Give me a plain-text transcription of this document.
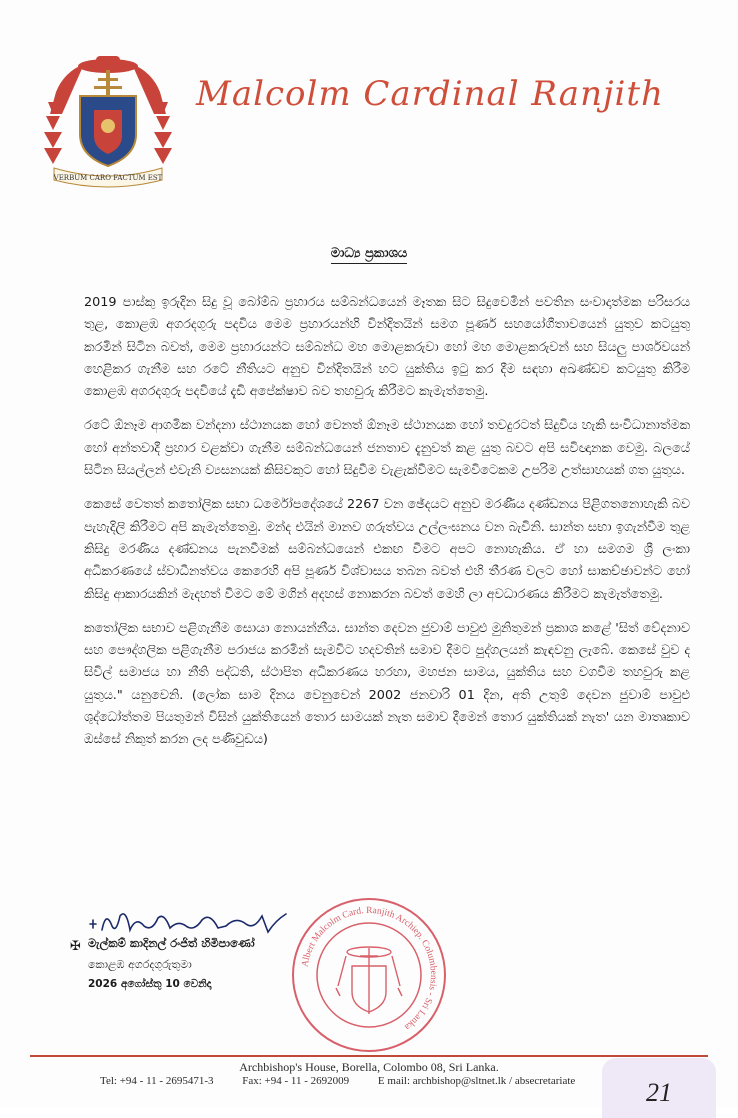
VERBUM CARO FACTUM EST
Malcolm Cardinal Ranjith
මාධ්‍ය ප්‍රකාශය

2019 පාස්කු ඉරුදින සිදු වූ බෝම්බ ප්‍රහාරය සම්බන්ධයෙන් මෑතක සිට සිදුවෙමින් පවතින සංවාදාත්මක පරිසරය තුළ, කොළඹ අගරදගුරු පදවිය මෙම ප්‍රහාරයන්හි වින්දිතයින් සමග පූර්ණ සහයෝගීතාවයෙන් යුතුව කටයුතු කරමින් සිටින බවත්, මෙම ප්‍රහාරයන්ට සම්බන්ධ මහ මොළකරුවා හෝ මහ මොළකරුවන් සහ සියලු පාර්ශවයන් හෙළිකර ගැනීම සහ රටේ නීතියට අනුව වින්දිතයින් හට යුක්තිය ඉටු කර දීම සඳහා අඛණ්ඩව කටයුතු කිරීම කොළඹ අගරදගුරු පදවියේ දැඩි අපේක්ෂාව බව තහවුරු කිරීමට කැමැත්තෙමු.

රටේ ඕනෑම ආගමික වන්දනා ස්ථානයක හෝ වෙනත් ඕනෑම ස්ථානයක හෝ තවදුරටත් සිදුවිය හැකි සංවිධානාත්මක හෝ අන්තවාදී ප්‍රහාර වළක්වා ගැනීම සම්බන්ධයෙන් ජනතාව දැනුවත් කළ යුතු බවට අපි සවිඥානක වෙමු. බලයේ සිටින සියල්ලන් එවැනි ව්‍යසනයක් කිසිවකුට හෝ සිදුවීම වැළැක්වීමට සැමවිටෙකම උපරිම උත්සාහයක් ගත යුතුය.

කෙසේ වෙතත් කතෝලික සභා ධර්මෝපදේශයේ 2267 වන ඡේදයට අනුව මරණීය දණ්ඩනය පිළිගතනොහැකි බව පැහැදිලි කිරීමට අපි කැමැත්තෙමු. මන්ද එයින් මානව ගරුත්වය උල්ලංඝනය වන බැවිනි. සාන්ත සභා ඉගැන්වීම තුළ කිසිදු මරණීය දණ්ඩනය පැනවීමක් සම්බන්ධයෙන් එකඟ වීමට අපට නොහැකිය. ඒ හා සමගම ශ්‍රී ලංකා අධිකරණයේ ස්වාධීනත්වය කෙරෙහි අපි පූර්ණ විශ්වාසය තබන බවත් එහි තීරණ වලට හෝ සාකච්ඡාවන්ට හෝ කිසිදු ආකාරයකින් මැදහත් වීමට මේ මගින් අදහස් නොකරන බවත් මෙහි ලා අවධාරණය කිරීමට කැමැත්තෙමු.

කතෝලික සභාව පළිගැනීම සොයා නොයන්නීය. සාන්ත දෙවන ජුවාම් පාවුළු මුනිතුමන් ප්‍රකාශ කළේ 'සිත් වේදනාව සහ පෞද්ගලික පළිගැනීම පරාජය කරමින් සැමවිට හදවතින් සමාව දීමට පුද්ගලයන් කැඳවනු ලැබේ. කෙසේ වුව ද සිවිල් සමාජය හා නීති පද්ධති, ස්ථාපිත අධිකරණය හරහා, මහජන සාමය, යුක්තිය සහ වගවීම තහවුරු කළ යුතුය." යනුවෙනි. (ලෝක සාම දිනය වෙනුවෙන් 2002 ජනවාරි 01 දින, අති උතුම් දෙවන ජුවාම් පාවුළු ශුද්ධෝත්තම පියතුමන් විසින් යුක්තියෙන් තොර සාමයක් නැත සමාව දීමෙන් තොර යුක්තියක් නැත' යන මාතෘකාව ඔස්සේ නිකුත් කරන ලද පණිවුඩය)

✠ මැල්කම් කාදිනල් රංජිත් හිමිපාණෝ
කොළඹ අගරදගුරුතුමා
2026 අගෝස්තු 10 වෙනිදා
Albert Malcolm Card. Ranjith Archiep. Columbensis - Sri Lanka
Archbishop's House, Borella, Colombo 08, Sri Lanka.
Tel: +94 - 11 - 2695471-3	Fax: +94 - 11 - 2692009	E mail: archbishop@sltnet.lk / absecretariate	21
